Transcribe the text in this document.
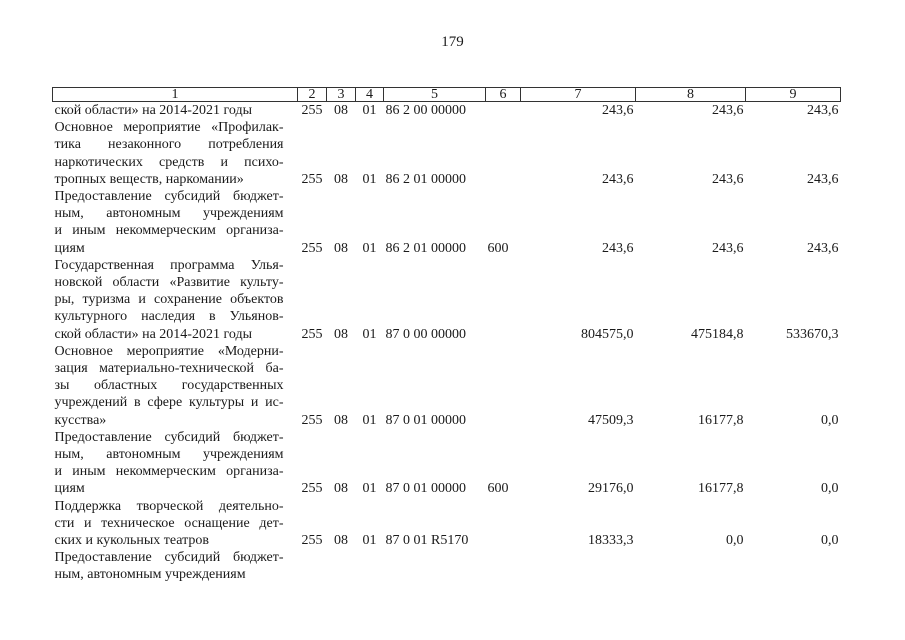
179
1	2	3	4	5	6	7	8	9

ской области» на 2014-2021 годы	255	08	01	86 2 00 00000		243,6	243,6	243,6

Основное мероприятие «Профилак-
тика незаконного потребления
наркотических средств и психо-
тропных веществ, наркомании»	255	08	01	86 2 01 00000		243,6	243,6	243,6

Предоставление субсидий бюджет-
ным, автономным учреждениям
и иным некоммерческим организа-
циям	255	08	01	86 2 01 00000	600	243,6	243,6	243,6

Государственная программа Улья-
новской области «Развитие культу-
ры, туризма и сохранение объектов
культурного наследия в Ульянов-
ской области» на 2014-2021 годы	255	08	01	87 0 00 00000		804575,0	475184,8	533670,3

Основное мероприятие «Модерни-
зация материально-технической ба-
зы областных государственных
учреждений в сфере культуры и ис-
кусства»	255	08	01	87 0 01 00000		47509,3	16177,8	0,0

Предоставление субсидий бюджет-
ным, автономным учреждениям
и иным некоммерческим организа-
циям	255	08	01	87 0 01 00000	600	29176,0	16177,8	0,0

Поддержка творческой деятельно-
сти и техническое оснащение дет-
ских и кукольных театров	255	08	01	87 0 01 R5170		18333,3	0,0	0,0

Предоставление субсидий бюджет-
ным, автономным учреждениям								
